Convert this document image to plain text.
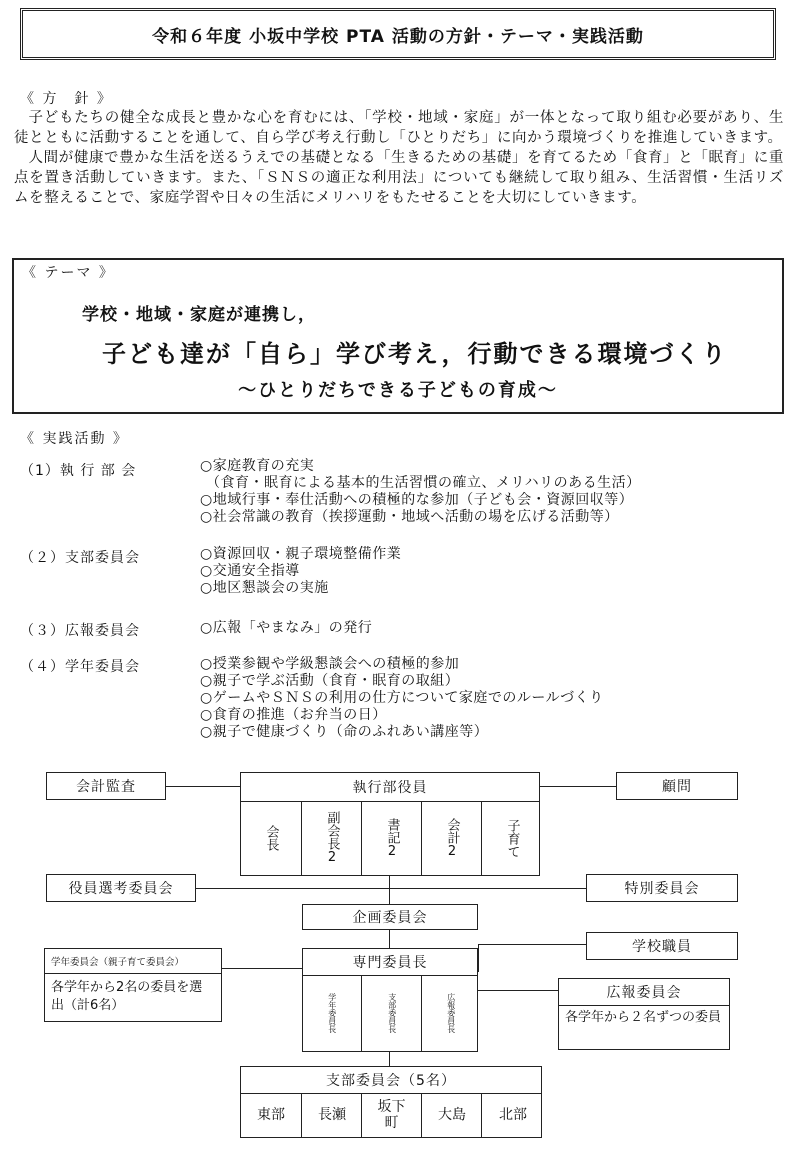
令和６年度 小坂中学校 PTA 活動の方針・テーマ・実践活動
《 方　針 》

子どもたちの健全な成長と豊かな心を育むには、「学校・地域・家庭」が一体となって取り組む必要があり、生徒とともに活動することを通して、自ら学び考え行動し「ひとりだち」に向かう環境づくりを推進していきます。

人間が健康で豊かな生活を送るうえでの基礎となる「生きるための基礎」を育てるため「食育」と「眠育」に重点を置き活動していきます。また、「ＳＮＳの適正な利用法」についても継続して取り組み、生活習慣・生活リズムを整えることで、家庭学習や日々の生活にメリハリをもたせることを大切にしていきます。

《 テーマ 》
学校・地域・家庭が連携し，
子ども達が「自ら」学び考え，行動できる環境づくり
～ひとりだちできる子どもの育成～
《 実践活動 》
（1）執 行 部 会	○家庭教育の充実
（食育・眠育による基本的生活習慣の確立、メリハリのある生活）
○地域行事・奉仕活動への積極的な参加（子ども会・資源回収等）
○社会常識の教育（挨拶運動・地域へ活動の場を広げる活動等）
（２）支部委員会	○資源回収・親子環境整備作業
○交通安全指導
○地区懇談会の実施
（３）広報委員会	○広報「やまなみ」の発行
（４）学年委員会	○授業参観や学級懇談会への積極的参加
○親子で学ぶ活動（食育・眠育の取組）
○ゲームやＳＮＳの利用の仕方について家庭でのルールづくり
○食育の推進（お弁当の日）
○親子で健康づくり（命のふれあい講座等）
会計監査	顧問
執行部役員
会長	副会長2	書記2	会計2	子育て
役員選考委員会	特別委員会
企画委員会
学校職員
学年委員会（親子育て委員会）
各学年から2名の委員を選出（計6名）
専門委員長
学年委員長	支部委員長	広報委員長	広報委員会
各学年から２名ずつの委員
支部委員会（5名）
東部	長瀬	坂下町	大島	北部
